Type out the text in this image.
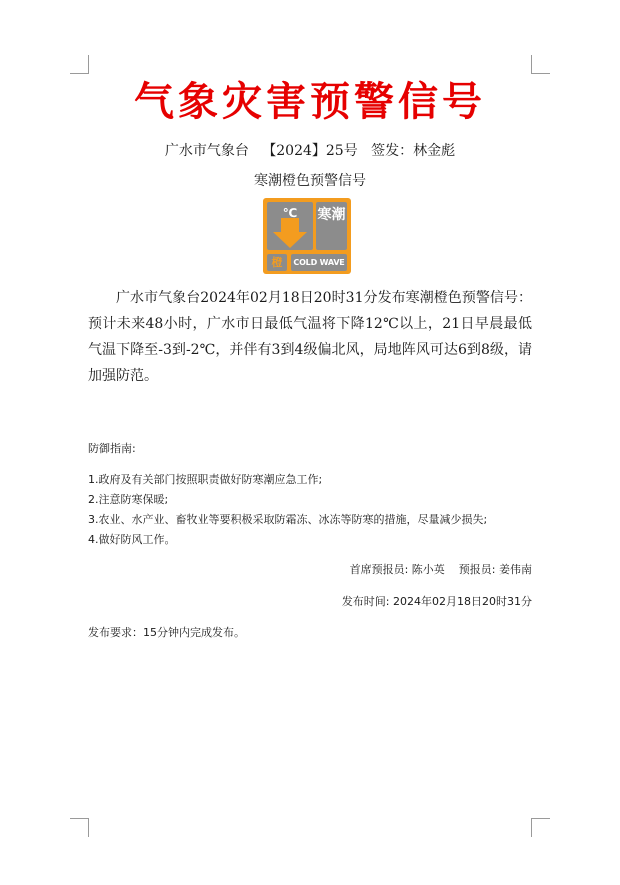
气象灾害预警信号
广水市气象台   【2024】25号   签发：林金彪
寒潮橙色预警信号
℃	寒潮
橙	COLD WAVE
广水市气象台2024年02月18日20时31分发布寒潮橙色预警信号：预计未来48小时，广水市日最低气温将下降12℃以上，21日早晨最低气温下降至-3到-2℃，并伴有3到4级偏北风，局地阵风可达6到8级，请加强防范。
防御指南:
1.政府及有关部门按照职责做好防寒潮应急工作;
2.注意防寒保暖;
3.农业、水产业、畜牧业等要积极采取防霜冻、冰冻等防寒的措施，尽量减少损失;
4.做好防风工作。
首席预报员: 陈小英    预报员: 姜伟南
发布时间: 2024年02月18日20时31分
发布要求：15分钟内完成发布。
